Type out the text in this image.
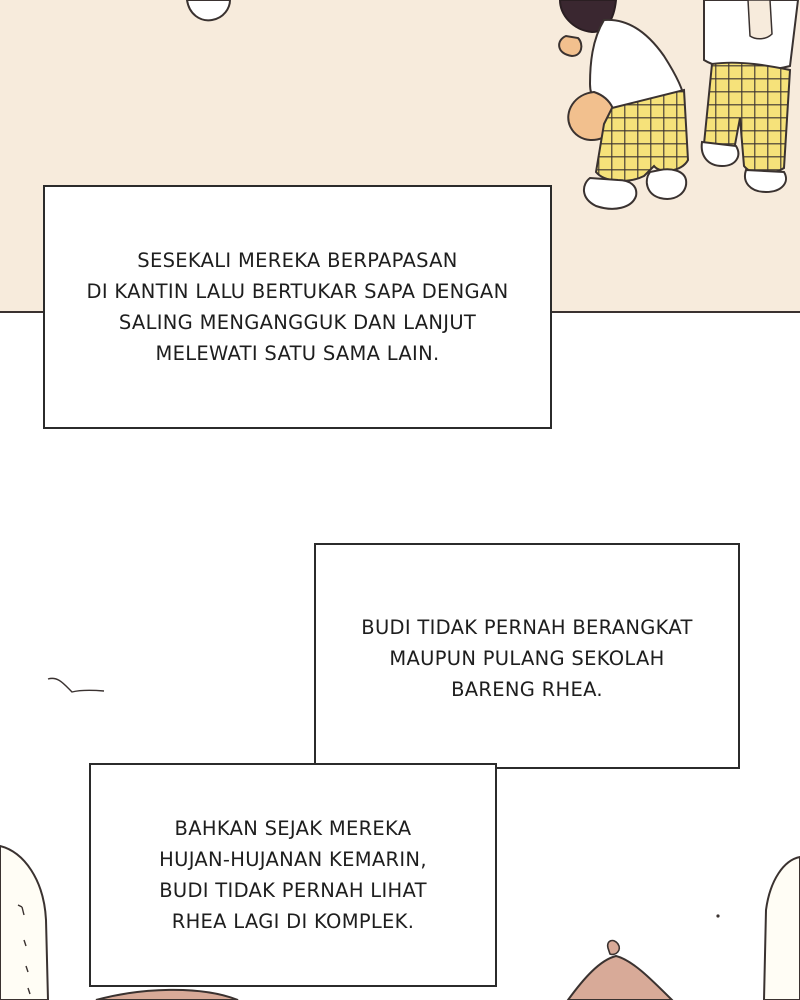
SESEKALI MEREKA BERPAPASAN
DI KANTIN LALU BERTUKAR SAPA DENGAN
SALING MENGANGGUK DAN LANJUT
MELEWATI SATU SAMA LAIN.
BUDI TIDAK PERNAH BERANGKAT
MAUPUN PULANG SEKOLAH
BARENG RHEA.
BAHKAN SEJAK MEREKA
HUJAN-HUJANAN KEMARIN,
BUDI TIDAK PERNAH LIHAT
RHEA LAGI DI KOMPLEK.
